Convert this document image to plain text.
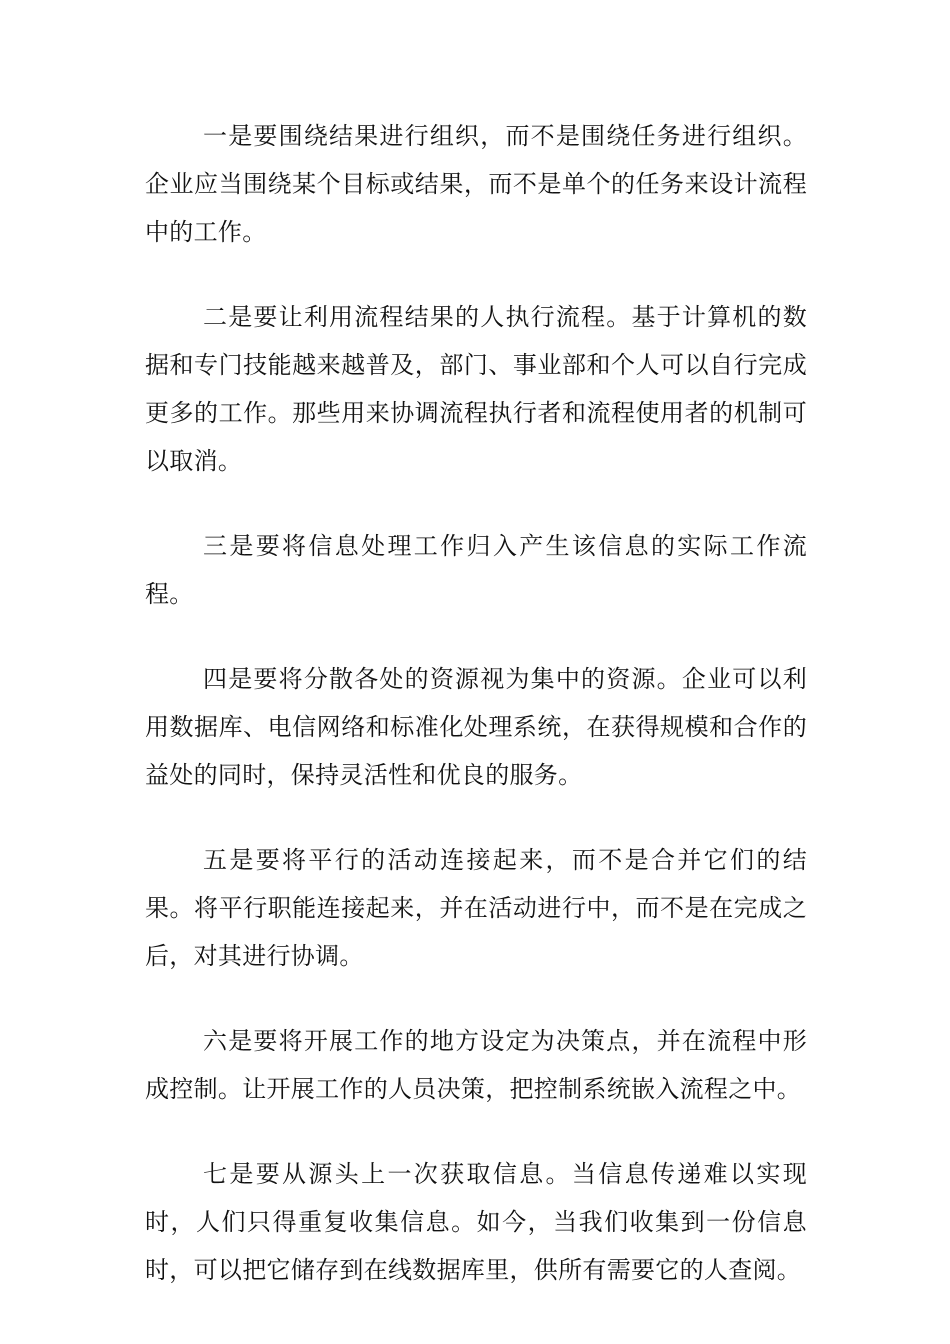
一是要围绕结果进行组织，而不是围绕任务进行组织。企业应当围绕某个目标或结果，而不是单个的任务来设计流程中的工作。

二是要让利用流程结果的人执行流程。基于计算机的数据和专门技能越来越普及，部门、事业部和个人可以自行完成更多的工作。那些用来协调流程执行者和流程使用者的机制可以取消。

三是要将信息处理工作归入产生该信息的实际工作流程。

四是要将分散各处的资源视为集中的资源。企业可以利用数据库、电信网络和标准化处理系统，在获得规模和合作的益处的同时，保持灵活性和优良的服务。

五是要将平行的活动连接起来，而不是合并它们的结果。将平行职能连接起来，并在活动进行中，而不是在完成之后，对其进行协调。

六是要将开展工作的地方设定为决策点，并在流程中形成控制。让开展工作的人员决策，把控制系统嵌入流程之中。

七是要从源头上一次获取信息。当信息传递难以实现时，人们只得重复收集信息。如今，当我们收集到一份信息时，可以把它储存到在线数据库里，供所有需要它的人查阅。
